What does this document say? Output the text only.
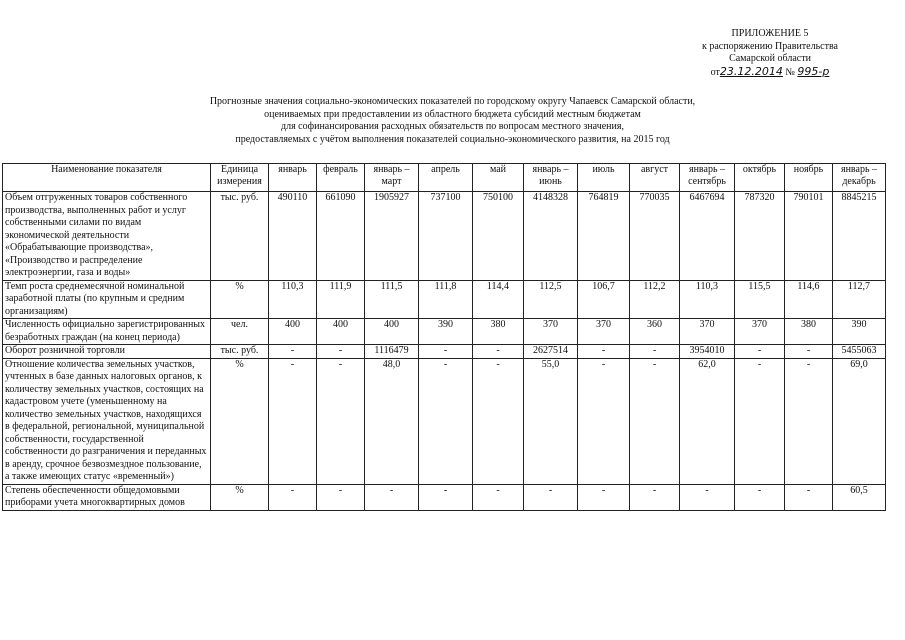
ПРИЛОЖЕНИЕ 5
к распоряжению Правительства
Самарской области
от23.12.2014 № 995-р
Прогнозные значения социально-экономических показателей по городскому округу Чапаевск Самарской области,
оцениваемых при предоставлении из областного бюджета субсидий местным бюджетам
для софинансирования расходных обязательств по вопросам местного значения,
предоставляемых с учётом выполнения показателей социально-экономического развития, на 2015 год
Наименование показателя	Единица измерения	январь	февраль	январь – март	апрель	май	январь – июнь	июль	август	январь – сентябрь	октябрь	ноябрь	январь – декабрь
Объем отгруженных товаров собственного производства, выполненных работ и услуг собственными силами по видам экономической деятельности «Обрабатывающие производства», «Производство и распределение электроэнергии, газа и воды»	тыс. руб.	490110	661090	1905927	737100	750100	4148328	764819	770035	6467694	787320	790101	8845215
Темп роста среднемесячной номинальной заработной платы (по крупным и средним организациям)	%	110,3	111,9	111,5	111,8	114,4	112,5	106,7	112,2	110,3	115,5	114,6	112,7
Численность официально зарегистрированных безработных граждан (на конец периода)	чел.	400	400	400	390	380	370	370	360	370	370	380	390
Оборот розничной торговли	тыс. руб.	-	-	1116479	-	-	2627514	-	-	3954010	-	-	5455063
Отношение количества земельных участков, учтенных в базе данных налоговых органов, к количеству земельных участков, состоящих на кадастровом учете (уменьшенному на количество земельных участков, находящихся в федеральной, региональной, муниципальной собственности, государственной собственности до разграничения и переданных в аренду, срочное безвозмездное пользование, а также имеющих статус «временный»)	%	-	-	48,0	-	-	55,0	-	-	62,0	-	-	69,0
Степень обеспеченности общедомовыми приборами учета многоквартирных домов	%	-	-	-	-	-	-	-	-	-	-	-	60,5
